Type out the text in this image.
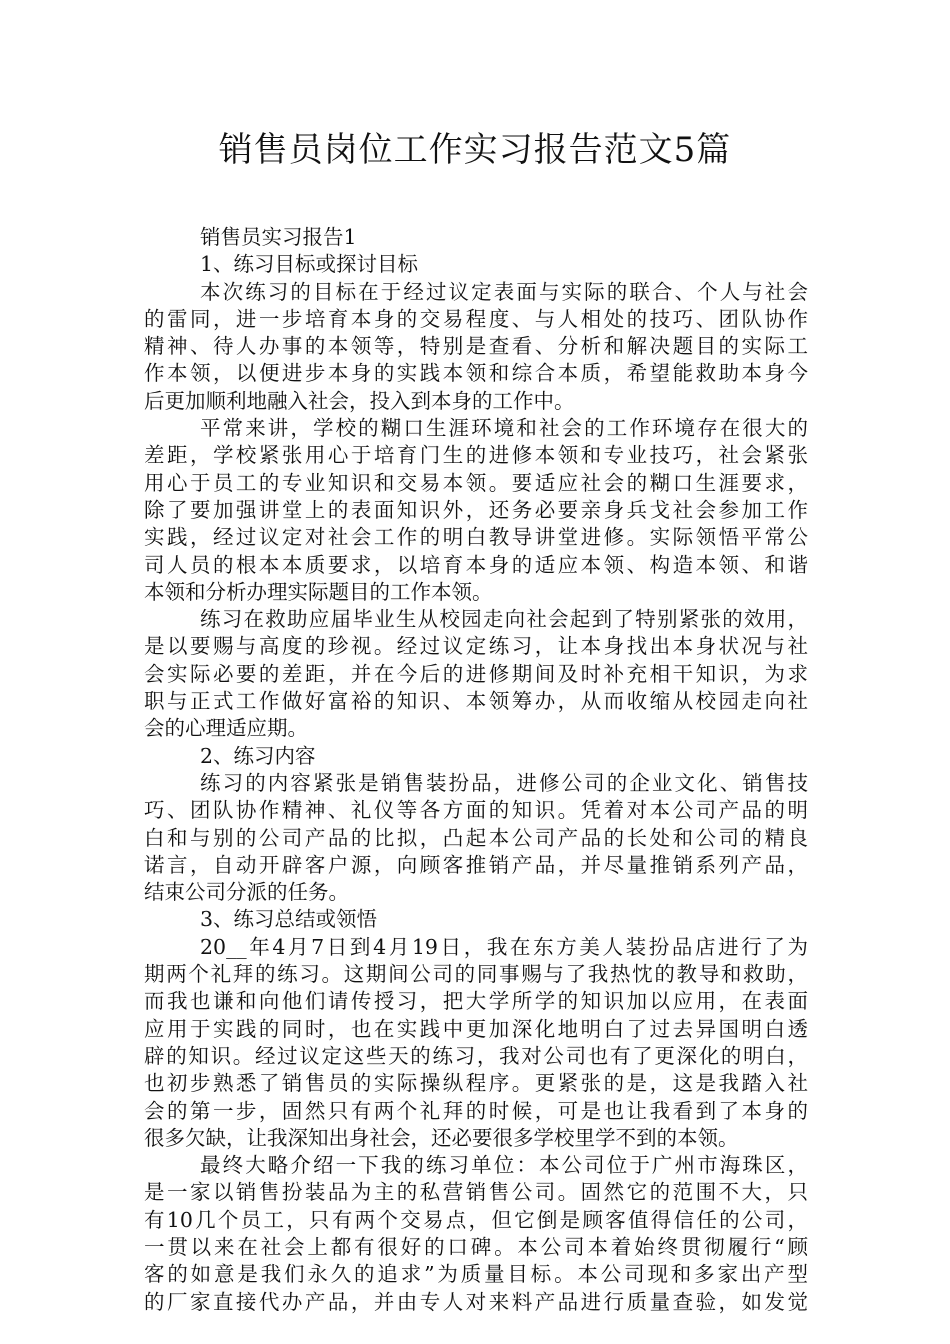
销售员岗位工作实习报告范文5篇
销售员实习报告1
1、练习目标或探讨目标
本次练习的目标在于经过议定表面与实际的联合、个人与社会
的雷同，进一步培育本身的交易程度、与人相处的技巧、团队协作
精神、待人办事的本领等，特别是查看、分析和解决题目的实际工
作本领，以便进步本身的实践本领和综合本质，希望能救助本身今
后更加顺利地融入社会，投入到本身的工作中。
平常来讲，学校的糊口生涯环境和社会的工作环境存在很大的
差距，学校紧张用心于培育门生的进修本领和专业技巧，社会紧张
用心于员工的专业知识和交易本领。要适应社会的糊口生涯要求，
除了要加强讲堂上的表面知识外，还务必要亲身兵戈社会参加工作
实践，经过议定对社会工作的明白教导讲堂进修。实际领悟平常公
司人员的根本本质要求，以培育本身的适应本领、构造本领、和谐
本领和分析办理实际题目的工作本领。
练习在救助应届毕业生从校园走向社会起到了特别紧张的效用，
是以要赐与高度的珍视。经过议定练习，让本身找出本身状况与社
会实际必要的差距，并在今后的进修期间及时补充相干知识，为求
职与正式工作做好富裕的知识、本领筹办，从而收缩从校园走向社
会的心理适应期。
2、练习内容
练习的内容紧张是销售装扮品，进修公司的企业文化、销售技
巧、团队协作精神、礼仪等各方面的知识。凭着对本公司产品的明
白和与别的公司产品的比拟，凸起本公司产品的长处和公司的精良
诺言，自动开辟客户源，向顾客推销产品，并尽量推销系列产品，
结束公司分派的任务。
3、练习总结或领悟
20__年4月7日到4月19日，我在东方美人装扮品店进行了为
期两个礼拜的练习。这期间公司的同事赐与了我热忱的教导和救助，
而我也谦和向他们请传授习，把大学所学的知识加以应用，在表面
应用于实践的同时，也在实践中更加深化地明白了过去异国明白透
辟的知识。经过议定这些天的练习，我对公司也有了更深化的明白，
也初步熟悉了销售员的实际操纵程序。更紧张的是，这是我踏入社
会的第一步，固然只有两个礼拜的时候，可是也让我看到了本身的
很多欠缺，让我深知出身社会，还必要很多学校里学不到的本领。
最终大略介绍一下我的练习单位：本公司位于广州市海珠区，
是一家以销售扮装品为主的私营销售公司。固然它的范围不大，只
有10几个员工，只有两个交易点，但它倒是顾客值得信任的公司，
一贯以来在社会上都有很好的口碑。本公司本着始终贯彻履行“顾
客的如意是我们永久的追求”为质量目标。本公司现和多家出产型
的厂家直接代办产品，并由专人对来料产品进行质量查验，如发觉
